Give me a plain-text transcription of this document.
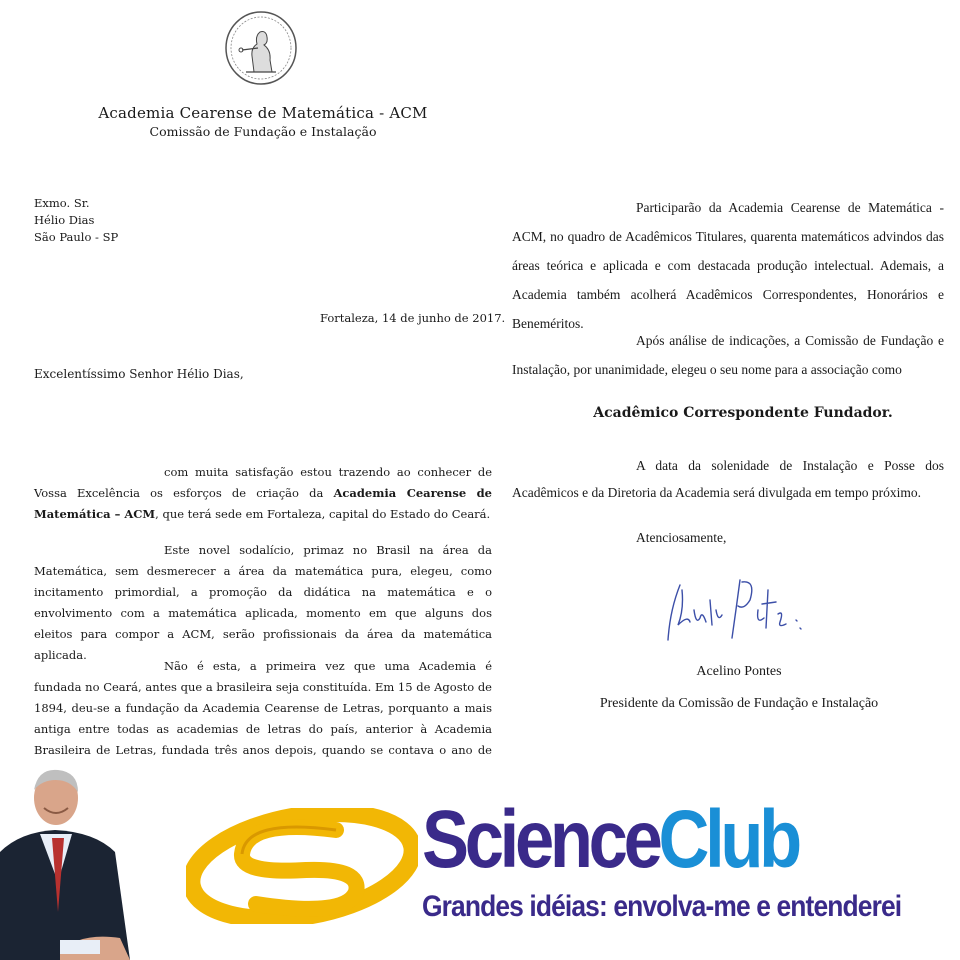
Academia Cearense de Matemática - ACM
Comissão de Fundação e Instalação
Exmo. Sr.
Hélio Dias
São Paulo - SP
Fortaleza, 14 de junho de 2017.
Excelentíssimo Senhor Hélio Dias,
com muita satisfação estou trazendo ao conhecer de Vossa Excelência os esforços de criação da Academia Cearense de Matemática – ACM, que terá sede em Fortaleza, capital do Estado do Ceará.
Este novel sodalício, primaz no Brasil na área da Matemática, sem desmerecer a área da matemática pura, elegeu, como incitamento primordial, a promoção da didática na matemática e o envolvimento com a matemática aplicada, momento em que alguns dos eleitos para compor a ACM, serão profissionais da área da matemática aplicada.
Não é esta, a primeira vez que uma Academia é fundada no Ceará, antes que a brasileira seja constituída. Em 15 de Agosto de 1894, deu-se a fundação da Academia Cearense de Letras, porquanto a mais antiga entre todas as academias de letras do país, anterior à Academia Brasileira de Letras, fundada três anos depois, quando se contava o ano de
Participarão da Academia Cearense de Matemática - ACM, no quadro de Acadêmicos Titulares, quarenta matemáticos advindos das áreas teórica e aplicada e com destacada produção intelectual. Ademais, a Academia também acolherá Acadêmicos Correspondentes, Honorários e Beneméritos.
Após análise de indicações, a Comissão de Fundação e Instalação, por unanimidade, elegeu o seu nome para a associação como
Acadêmico Correspondente Fundador.
A data da solenidade de Instalação e Posse dos Acadêmicos e da Diretoria da Academia será divulgada em tempo próximo.
Atenciosamente,
Acelino Pontes
Presidente da Comissão de Fundação e Instalação
ScienceClub
Grandes idéias: envolva-me e entenderei
